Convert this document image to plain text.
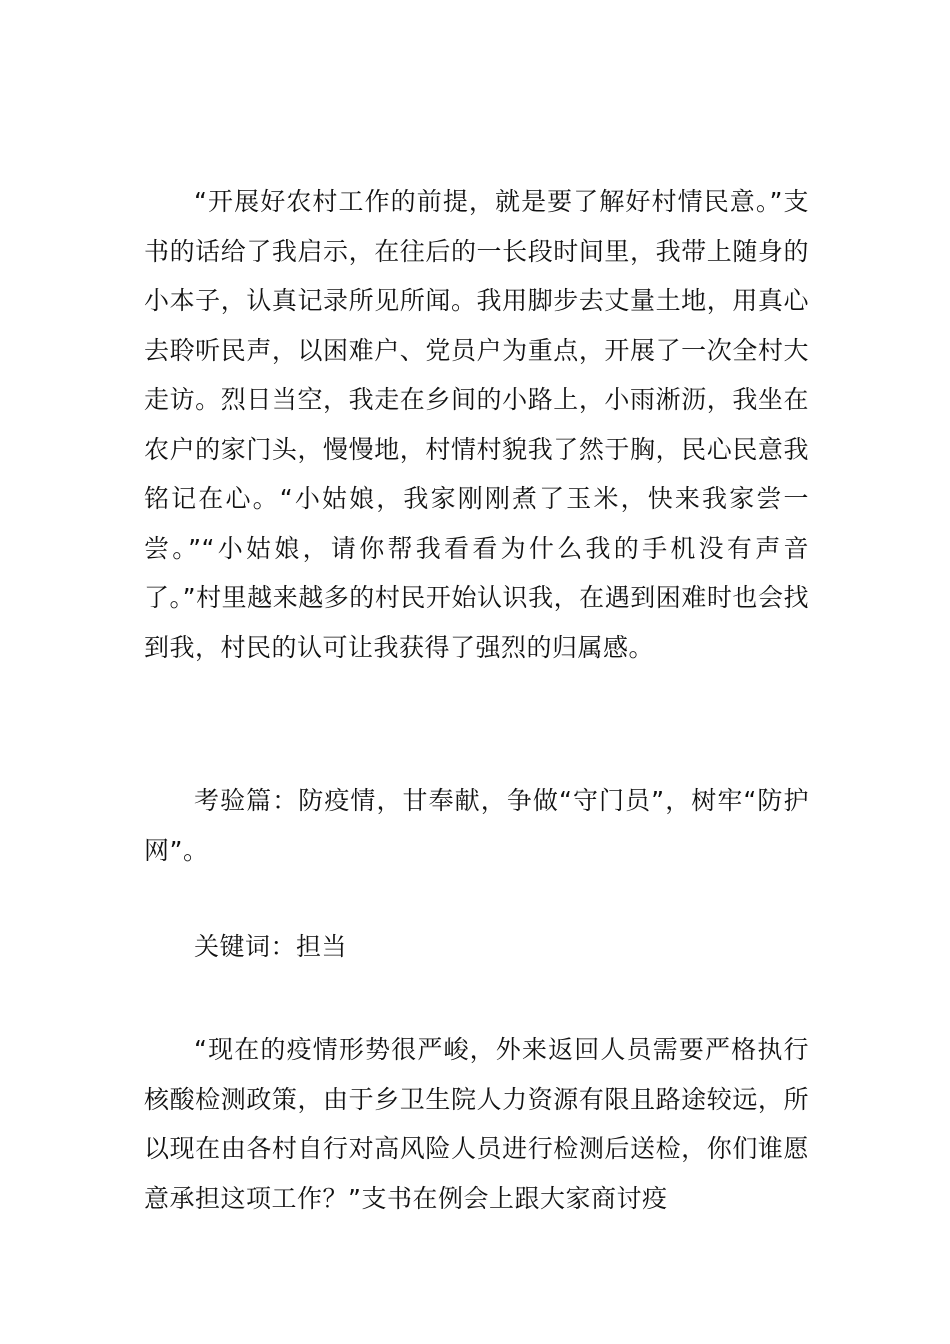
“开展好农村工作的前提，就是要了解好村情民意。”支书的话给了我启示，在往后的一长段时间里，我带上随身的小本子，认真记录所见所闻。我用脚步去丈量土地，用真心去聆听民声，以困难户、党员户为重点，开展了一次全村大走访。烈日当空，我走在乡间的小路上，小雨淅沥，我坐在农户的家门头，慢慢地，村情村貌我了然于胸，民心民意我铭记在心。“小姑娘，我家刚刚煮了玉米，快来我家尝一尝。”“小姑娘，请你帮我看看为什么我的手机没有声音了。”村里越来越多的村民开始认识我，在遇到困难时也会找到我，村民的认可让我获得了强烈的归属感。

考验篇：防疫情，甘奉献，争做“守门员”，树牢“防护网”。

关键词：担当

“现在的疫情形势很严峻，外来返回人员需要严格执行核酸检测政策，由于乡卫生院人力资源有限且路途较远，所以现在由各村自行对高风险人员进行检测后送检，你们谁愿意承担这项工作？”支书在例会上跟大家商讨疫
